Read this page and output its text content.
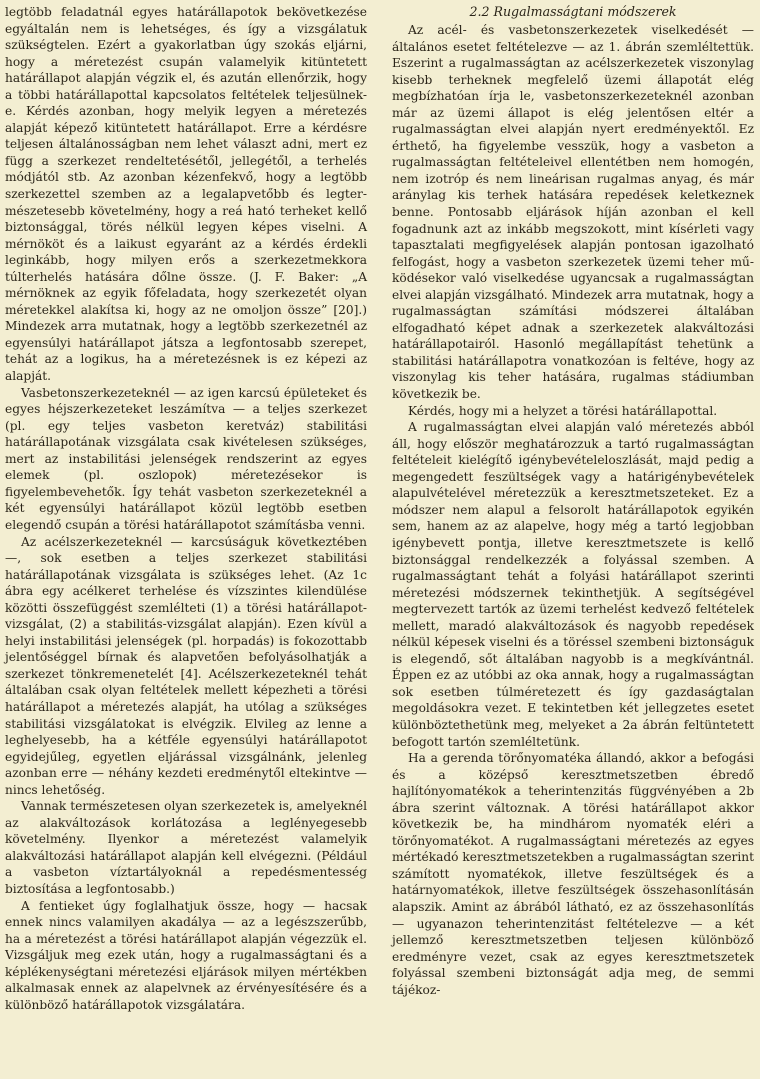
legtöbb feladatnál egyes határállapotok bekövetkezése egyáltalán nem is lehetséges, és így a vizsgálatuk szükségtelen. Ezért a gyakorlatban úgy szokás eljárni, hogy a méretezést csupán valamelyik kitüntetett határállapot alapján végzik el, és azután ellenőrzik, hogy a többi határállapottal kapcsolatos feltételek teljesülnek-e. Kérdés azonban, hogy melyik legyen a méretezés alapját képező kitüntetett határállapot. Erre a kérdésre teljesen általánosságban nem lehet választ adni, mert ez függ a szerkezet rendeltetésétől, jellegétől, a terhelés módjától stb. Az azonban kézenfekvő, hogy a legtöbb szerkezettel szemben az a legalapvetőbb és legtermészetesebb követelmény, hogy a reá ható terheket kellő biztonsággal, törés nélkül legyen képes viselni. A mérnököt és a laikust egyaránt az a kérdés érdekli leginkább, hogy milyen erős a szerkezetmekkora túlterhelés hatására dőlne össze. (J. F. Baker: „A mérnöknek az egyik főfeladata, hogy szerkezetét olyan méretekkel alakítsa ki, hogy az ne omoljon össze” [20].) Mindezek arra mutatnak, hogy a legtöbb szerkezetnél az egyensúlyi határállapot játsza a legfontosabb szerepet, tehát az a logikus, ha a méretezésnek is ez képezi az alapját.

Vasbetonszerkezeteknél — az igen karcsú épületeket és egyes héjszerkezeteket leszámítva — a teljes szerkezet (pl. egy teljes vasbeton keretváz) stabilitási határállapotának vizsgálata csak kivételesen szükséges, mert az instabilitási jelenségek rendszerint az egyes elemek (pl. oszlopok) méretezésekor is figyelembevehetők. Így tehát vasbeton szerkezeteknél a két egyensúlyi határállapot közül legtöbb esetben elegendő csupán a törési határállapotot számításba venni.

Az acélszerkezeteknél — karcsúságuk következtében —, sok esetben a teljes szerkezet stabilitási határállapotának vizsgálata is szükséges lehet. (Az 1c ábra egy acélkeret terhelése és vízszintes kilendülése közötti összefüggést szemlélteti (1) a törési határállapot-vizsgálat, (2) a stabilitás-vizsgálat alapján). Ezen kívül a helyi instabilitási jelenségek (pl. horpadás) is fokozottabb jelentőséggel bírnak és alapvetően befolyásolhatják a szerkezet tönkremenetelét [4]. Acélszerkezeteknél tehát általában csak olyan feltételek mellett képezheti a törési határállapot a méretezés alapját, ha utólag a szükséges stabilitási vizsgálatokat is elvégzik. Elvileg az lenne a leghelyesebb, ha a kétféle egyensúlyi határállapotot egyidejűleg, egyetlen eljárással vizsgálnánk, jelenleg azonban erre — néhány kezdeti eredménytől eltekintve — nincs lehetőség.

Vannak természetesen olyan szerkezetek is, amelyeknél az alakváltozások korlátozása a leglényegesebb követelmény. Ilyenkor a méretezést valamelyik alakváltozási határállapot alapján kell elvégezni. (Például a vasbeton víztartályoknál a repedésmentesség biztosítása a legfontosabb.)

A fentieket úgy foglalhatjuk össze, hogy — hacsak ennek nincs valamilyen akadálya — az a legészszerűbb, ha a méretezést a törési határállapot alapján végezzük el. Vizsgáljuk meg ezek után, hogy a rugalmasságtani és a képlékenységtani méretezési eljárások milyen mértékben alkalmasak ennek az alapelvnek az érvényesítésére és a különböző határállapotok vizsgálatára.

2.2 Rugalmasságtani módszerek

Az acél- és vasbetonszerkezetek viselkedését — általános esetet feltételezve — az 1. ábrán szemléltettük. Eszerint a rugalmasságtan az acélszerkezetek viszonylag kisebb terheknek megfelelő üzemi állapotát elég megbízhatóan írja le, vasbetonszerkezeteknél azonban már az üzemi állapot is elég jelentősen eltér a rugalmasságtan elvei alapján nyert eredményektől. Ez érthető, ha figyelembe vesszük, hogy a vasbeton a rugalmasságtan feltételeivel ellentétben nem homogén, nem izotróp és nem lineárisan rugalmas anyag, és már aránylag kis terhek hatására repedések keletkeznek benne. Pontosabb eljárások híján azonban el kell fogadnunk azt az inkább megszokott, mint kísérleti vagy tapasztalati megfigyelések alapján pontosan igazolható felfogást, hogy a vasbeton szerkezetek üzemi teher működésekor való viselkedése ugyancsak a rugalmasságtan elvei alapján vizsgálható. Mindezek arra mutatnak, hogy a rugalmasságtan számítási módszerei általában elfogadható képet adnak a szerkezetek alakváltozási határállapotairól. Hasonló megállapítást tehetünk a stabilitási határállapotra vonatkozóan is feltéve, hogy az viszonylag kis teher hatására, rugalmas stádiumban következik be.

Kérdés, hogy mi a helyzet a törési határállapottal.

A rugalmasságtan elvei alapján való méretezés abból áll, hogy először meghatározzuk a tartó rugalmasságtan feltételeit kielégítő igénybevételeloszlását, majd pedig a megengedett feszültségek vagy a határigénybevételek alapulvételével méretezzük a keresztmetszeteket. Ez a módszer nem alapul a felsorolt határállapotok egyikén sem, hanem az az alapelve, hogy még a tartó legjobban igénybevett pontja, illetve keresztmetszete is kellő biztonsággal rendelkezzék a folyással szemben. A rugalmasságtant tehát a folyási határállapot szerinti méretezési módszernek tekinthetjük. A segítségével megtervezett tartók az üzemi terhelést kedvező feltételek mellett, maradó alakváltozások és nagyobb repedések nélkül képesek viselni és a töréssel szembeni biztonságuk is elegendő, sőt általában nagyobb is a megkívántnál. Éppen ez az utóbbi az oka annak, hogy a rugalmasságtan sok esetben túlméretezett és így gazdaságtalan megoldásokra vezet. E tekintetben két jellegzetes esetet különböztethetünk meg, melyeket a 2a ábrán feltüntetett befogott tartón szemléltetünk.

Ha a gerenda törőnyomatéka állandó, akkor a befogási és a középső keresztmetszetben ébredő hajlítónyomatékok a teherintenzitás függvényében a 2b ábra szerint változnak. A törési határállapot akkor következik be, ha mindhárom nyomaték eléri a törőnyomatékot. A rugalmasságtani méretezés az egyes mértékadó keresztmetszetekben a rugalmasságtan szerint számított nyomatékok, illetve feszültségek és a határnyomatékok, illetve feszültségek összehasonlításán alapszik. Amint az ábrából látható, ez az összehasonlítás — ugyanazon teherintenzitást feltételezve — a két jellemző keresztmetszetben teljesen különböző eredményre vezet, csak az egyes keresztmetszetek folyással szembeni biztonságát adja meg, de semmi tájékoz-
